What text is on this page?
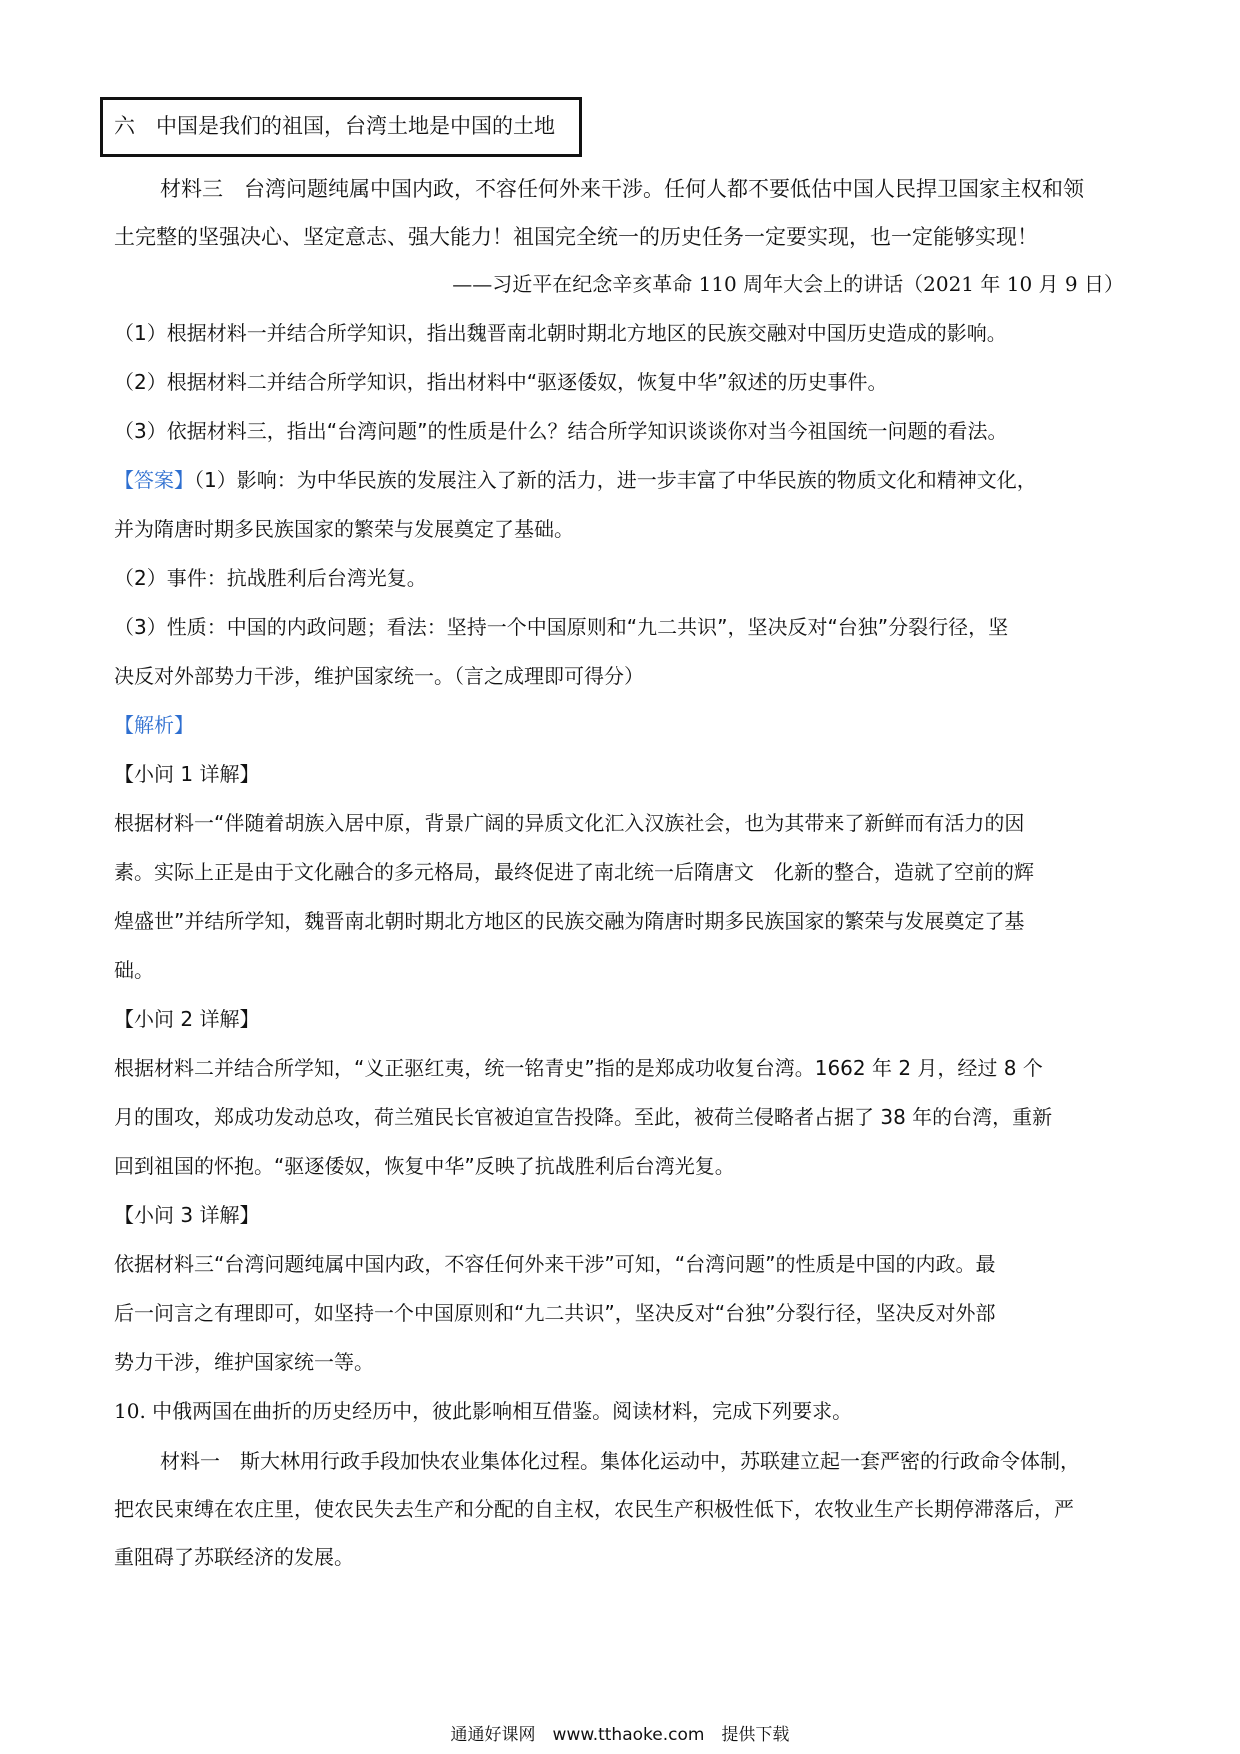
六　中国是我们的祖国，台湾土地是中国的土地
材料三　台湾问题纯属中国内政，不容任何外来干涉。任何人都不要低估中国人民捍卫国家主权和领
土完整的坚强决心、坚定意志、强大能力！祖国完全统一的历史任务一定要实现，也一定能够实现！
——习近平在纪念辛亥革命 110 周年大会上的讲话（2021 年 10 月 9 日）
（1）根据材料一并结合所学知识，指出魏晋南北朝时期北方地区的民族交融对中国历史造成的影响。
（2）根据材料二并结合所学知识，指出材料中“驱逐倭奴，恢复中华”叙述的历史事件。
（3）依据材料三，指出“台湾问题”的性质是什么？结合所学知识谈谈你对当今祖国统一问题的看法。
【答案】（1）影响：为中华民族的发展注入了新的活力，进一步丰富了中华民族的物质文化和精神文化，
并为隋唐时期多民族国家的繁荣与发展奠定了基础。
（2）事件：抗战胜利后台湾光复。
（3）性质：中国的内政问题；看法：坚持一个中国原则和“九二共识”，坚决反对“台独”分裂行径，坚
决反对外部势力干涉，维护国家统一。（言之成理即可得分）
【解析】
【小问 1 详解】
根据材料一“伴随着胡族入居中原，背景广阔的异质文化汇入汉族社会，也为其带来了新鲜而有活力的因
素。实际上正是由于文化融合的多元格局，最终促进了南北统一后隋唐文　化新的整合，造就了空前的辉
煌盛世”并结所学知，魏晋南北朝时期北方地区的民族交融为隋唐时期多民族国家的繁荣与发展奠定了基
础。
【小问 2 详解】
根据材料二并结合所学知，“义正驱红夷，统一铭青史”指的是郑成功收复台湾。1662 年 2 月，经过 8 个
月的围攻，郑成功发动总攻，荷兰殖民长官被迫宣告投降。至此，被荷兰侵略者占据了 38 年的台湾，重新
回到祖国的怀抱。“驱逐倭奴，恢复中华”反映了抗战胜利后台湾光复。
【小问 3 详解】
依据材料三“台湾问题纯属中国内政，不容任何外来干涉”可知，“台湾问题”的性质是中国的内政。最
后一问言之有理即可，如坚持一个中国原则和“九二共识”，坚决反对“台独”分裂行径，坚决反对外部
势力干涉，维护国家统一等。
10. 中俄两国在曲折的历史经历中，彼此影响相互借鉴。阅读材料，完成下列要求。
材料一　斯大林用行政手段加快农业集体化过程。集体化运动中，苏联建立起一套严密的行政命令体制，
把农民束缚在农庄里，使农民失去生产和分配的自主权，农民生产积极性低下，农牧业生产长期停滞落后，严
重阻碍了苏联经济的发展。
通通好课网　www.tthaoke.com　提供下载
